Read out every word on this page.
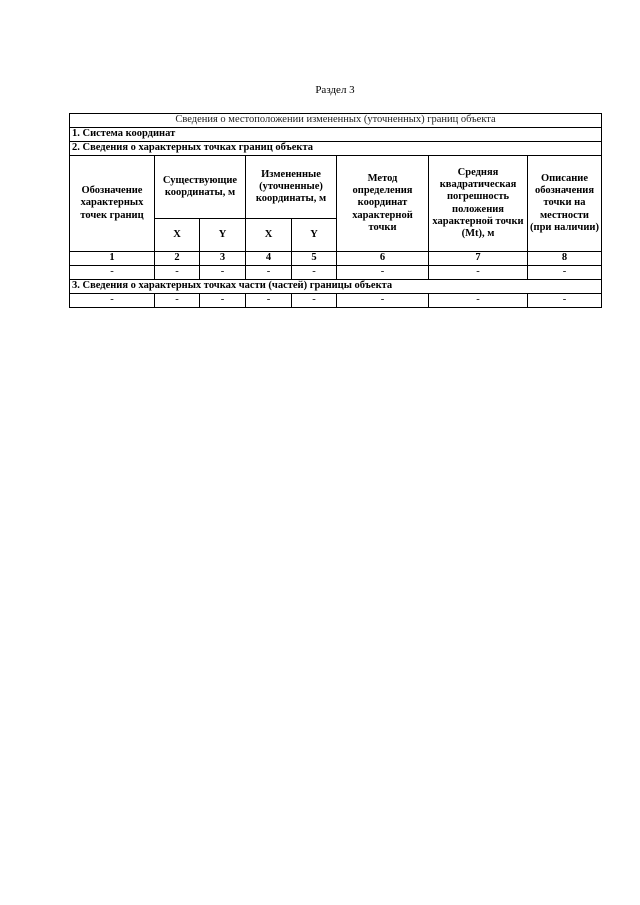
Раздел 3
Сведения о местоположении измененных (уточненных) границ объекта							
1. Система координат							
2. Сведения о характерных точках границ объекта							
Обозначение характерных точек границ	Существующие координаты, м		Измененные (уточненные) координаты, м		Метод определения координат характерной точки	Средняя квадратическая погрешность положения характерной точки (Mt), м	Описание обозначения точки на местности (при наличии)
	X	Y	X	Y			
1	2	3	4	5	6	7	8
-	-	-	-	-	-	-	-
3. Сведения о характерных точках части (частей) границы объекта							
-	-	-	-	-	-	-	-
